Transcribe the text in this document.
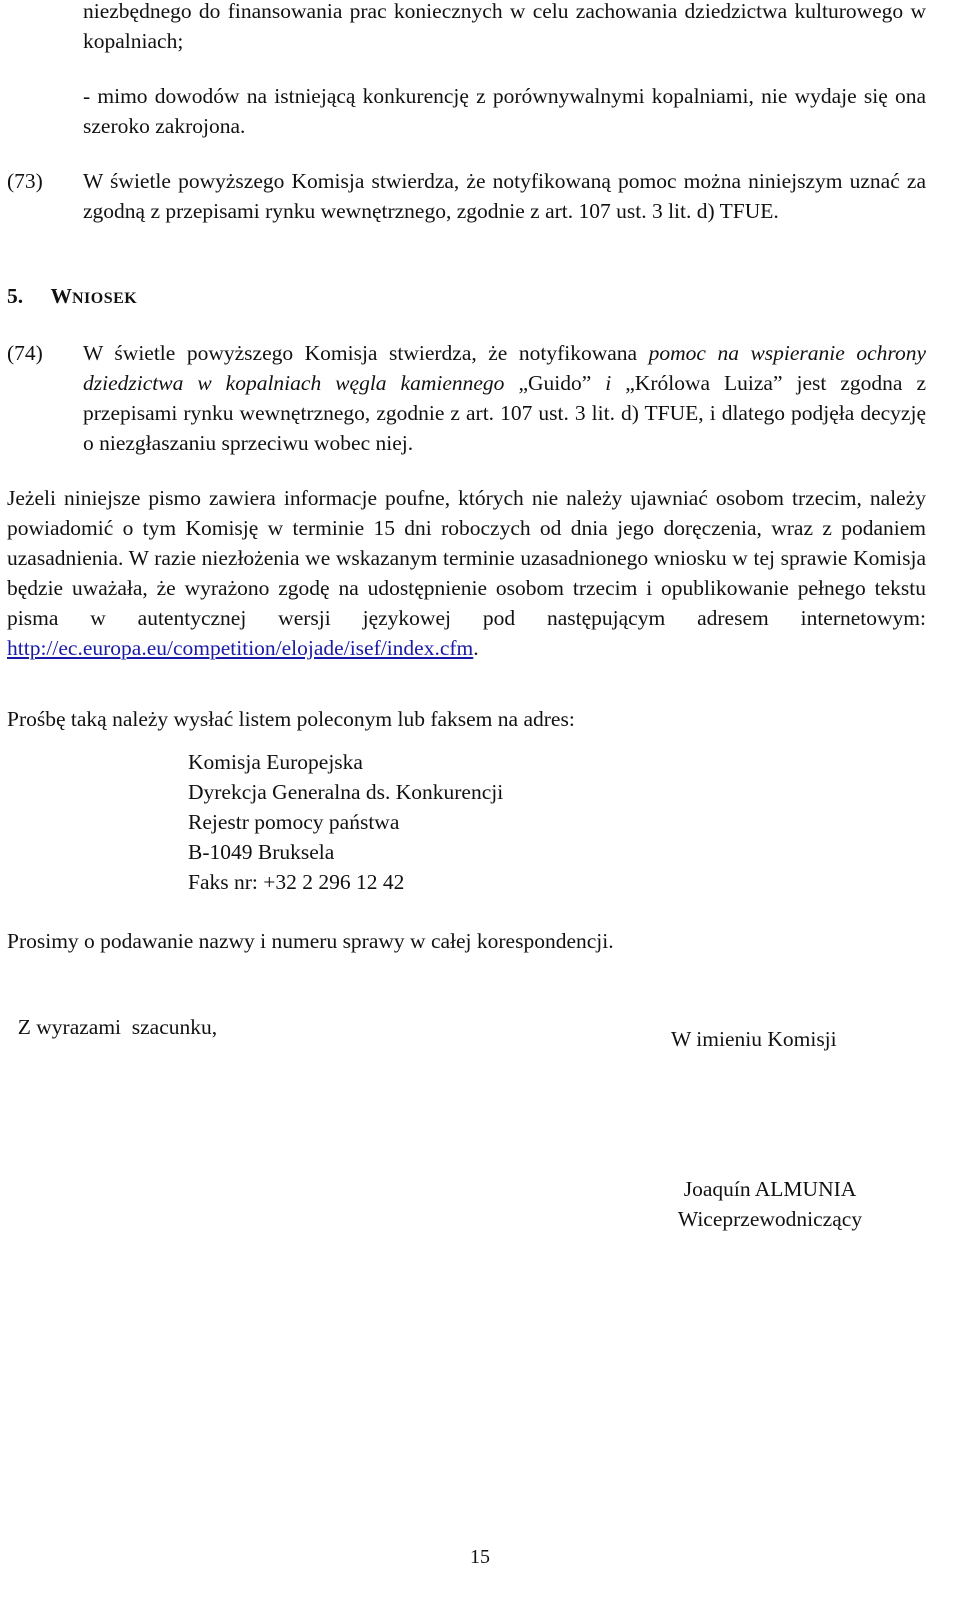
niezbędnego do finansowania prac koniecznych w celu zachowania dziedzictwa kulturowego w kopalniach;
- mimo dowodów na istniejącą konkurencję z porównywalnymi kopalniami, nie wydaje się ona szeroko zakrojona.
(73) W świetle powyższego Komisja stwierdza, że notyfikowaną pomoc można niniejszym uznać za zgodną z przepisami rynku wewnętrznego, zgodnie z art. 107 ust. 3 lit. d) TFUE.
5. WNIOSEK
(74) W świetle powyższego Komisja stwierdza, że notyfikowana pomoc na wspieranie ochrony dziedzictwa w kopalniach węgla kamiennego „Guido” i „Królowa Luiza” jest zgodna z przepisami rynku wewnętrznego, zgodnie z art. 107 ust. 3 lit. d) TFUE, i dlatego podjęła decyzję o niezgłaszaniu sprzeciwu wobec niej.
Jeżeli niniejsze pismo zawiera informacje poufne, których nie należy ujawniać osobom trzecim, należy powiadomić o tym Komisję w terminie 15 dni roboczych od dnia jego doręczenia, wraz z podaniem uzasadnienia. W razie niezłożenia we wskazanym terminie uzasadnionego wniosku w tej sprawie Komisja będzie uważała, że wyrażono zgodę na udostępnienie osobom trzecim i opublikowanie pełnego tekstu pisma w autentycznej wersji językowej pod następującym adresem internetowym: http://ec.europa.eu/competition/elojade/isef/index.cfm.
Prośbę taką należy wysłać listem poleconym lub faksem na adres:
Komisja Europejska
Dyrekcja Generalna ds. Konkurencji
Rejestr pomocy państwa
B-1049 Bruksela
Faks nr: +32 2 296 12 42
Prosimy o podawanie nazwy i numeru sprawy w całej korespondencji.

Z wyrazami  szacunku,	W imieniu Komisji
Joaquín ALMUNIA
Wiceprzewodniczący
15
